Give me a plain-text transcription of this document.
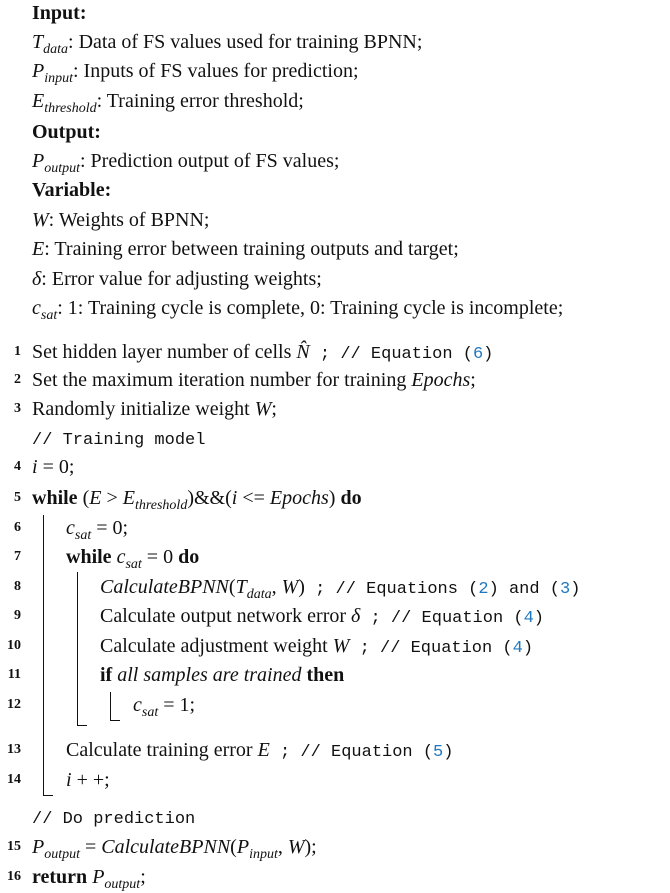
Input:
$T_{data}$: Data of FS values used for training BPNN;
$P_{input}$: Inputs of FS values for prediction;
$E_{threshold}$: Training error threshold;
Output:
$P_{output}$: Prediction output of FS values;
Variable:
W: Weights of BPNN;
E: Training error between training outputs and target;
δ: Error value for adjusting weights;
$c_{sat}$: 1: Training cycle is complete, 0: Training cycle is incomplete;
1 Set hidden layer number of cells N̂ ; // Equation (6)
2 Set the maximum iteration number for training Epochs;
3 Randomly initialize weight W;
// Training model
4 i = 0;
5 while $(E > E_{threshold})\&\&(i$ <= Epochs) do
6 $c_{sat} = 0$;
7 while $c_{sat} = 0$ do
8	$CalculateBPNN(T_{data}$, W) ; // Equations (2) and (3)
9	Calculate output network error δ ; // Equation (4)
10	Calculate adjustment weight W ; // Equation (4)
11	if all samples are trained then
12	$c_{sat} = 1$;
13 Calculate training error E ; // Equation (5)
14 i + +;
// Do prediction
15 $P_{output}$ = $CalculateBPNN(P_{input}$, W);
16 return $P_{output}$;
